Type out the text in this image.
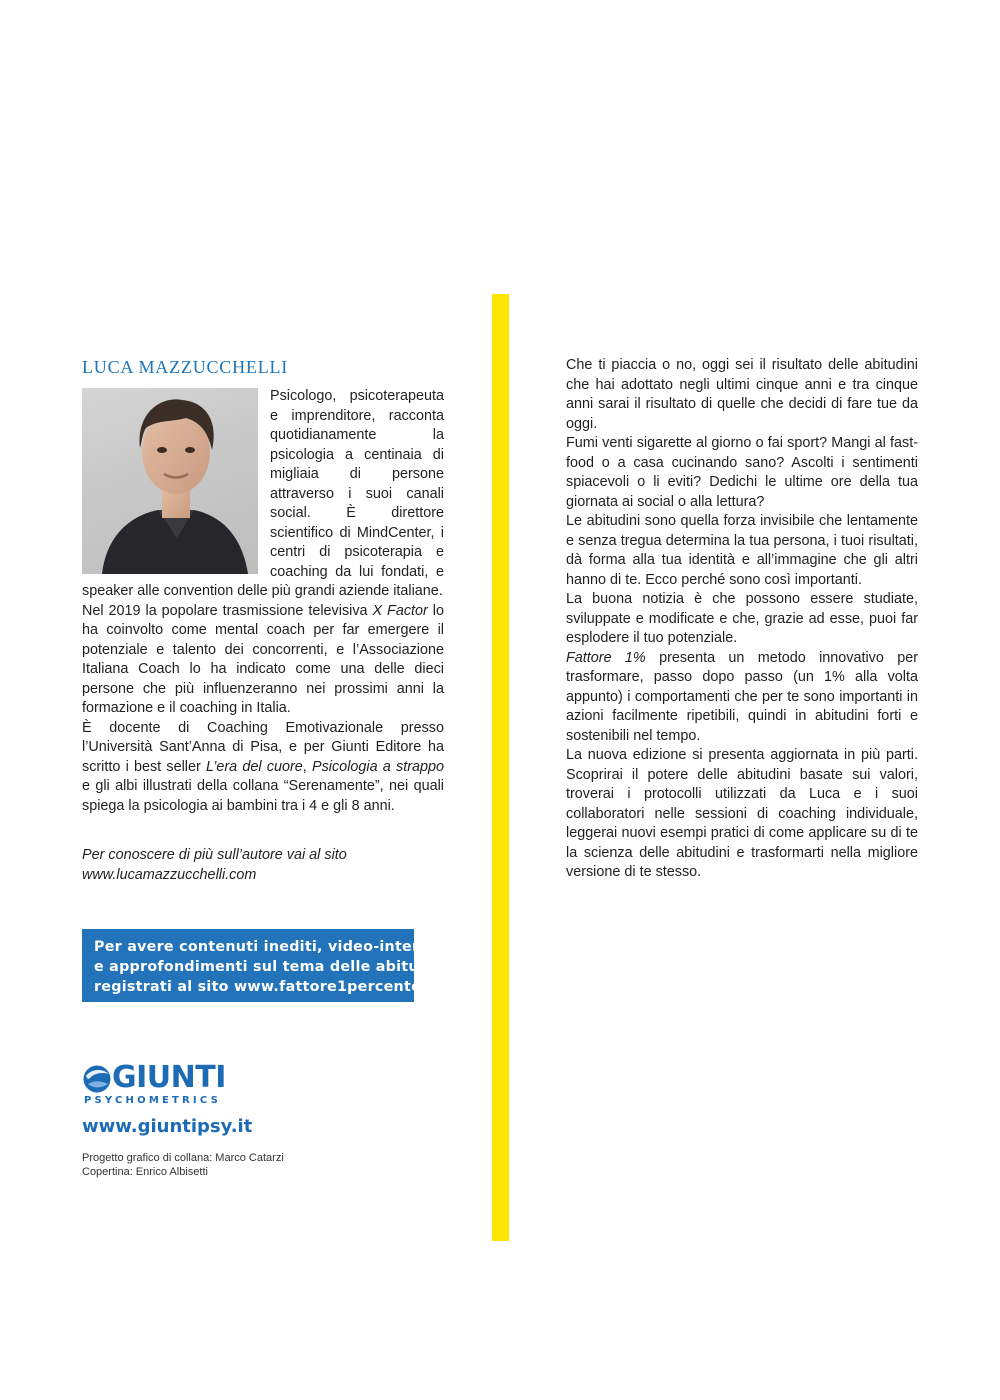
LUCA MAZZUCCHELLI

Psicologo, psicoterapeuta e imprenditore, racconta quotidianamente la psicologia a centinaia di migliaia di persone attraverso i suoi canali social. È direttore scientifico di MindCenter, i centri di psicoterapia e coaching da lui fondati, e speaker alle convention delle più grandi aziende italiane.

Nel 2019 la popolare trasmissione televisiva X Factor lo ha coinvolto come mental coach per far emergere il potenziale e talento dei concorrenti, e l’Associazione Italiana Coach lo ha indicato come una delle dieci persone che più influenzeranno nei prossimi anni la formazione e il coaching in Italia.

È docente di Coaching Emotivazionale presso l’Università Sant’Anna di Pisa, e per Giunti Editore ha scritto i best seller L’era del cuore, Psicologia a strappo e gli albi illustrati della collana “Serenamente”, nei quali spiega la psicologia ai bambini tra i 4 e gli 8 anni.

Per conoscere di più sull’autore vai al sito
www.lucamazzucchelli.com
Per avere contenuti inediti, video-interviste
e approfondimenti sul tema delle abitudini
registrati al sito www.fattore1percento.it
GIUNTI
PSYCHOMETRICS
www.giuntipsy.it
Progetto grafico di collana: Marco Catarzi
Copertina: Enrico Albisetti

Che ti piaccia o no, oggi sei il risultato delle abitudini che hai adottato negli ultimi cinque anni e tra cinque anni sarai il risultato di quelle che decidi di fare tue da oggi.

Fumi venti sigarette al giorno o fai sport? Mangi al fast-food o a casa cucinando sano? Ascolti i sentimenti spiacevoli o li eviti? Dedichi le ultime ore della tua giornata ai social o alla lettura?

Le abitudini sono quella forza invisibile che lentamente e senza tregua determina la tua persona, i tuoi risultati, dà forma alla tua identità e all’immagine che gli altri hanno di te. Ecco perché sono così importanti.

La buona notizia è che possono essere studiate, sviluppate e modificate e che, grazie ad esse, puoi far esplodere il tuo potenziale.

Fattore 1% presenta un metodo innovativo per trasformare, passo dopo passo (un 1% alla volta appunto) i comportamenti che per te sono importanti in azioni facilmente ripetibili, quindi in abitudini forti e sostenibili nel tempo.

La nuova edizione si presenta aggiornata in più parti. Scoprirai il potere delle abitudini basate sui valori, troverai i protocolli utilizzati da Luca e i suoi collaboratori nelle sessioni di coaching individuale, leggerai nuovi esempi pratici di come applicare su di te la scienza delle abitudini e trasformarti nella migliore versione di te stesso.
